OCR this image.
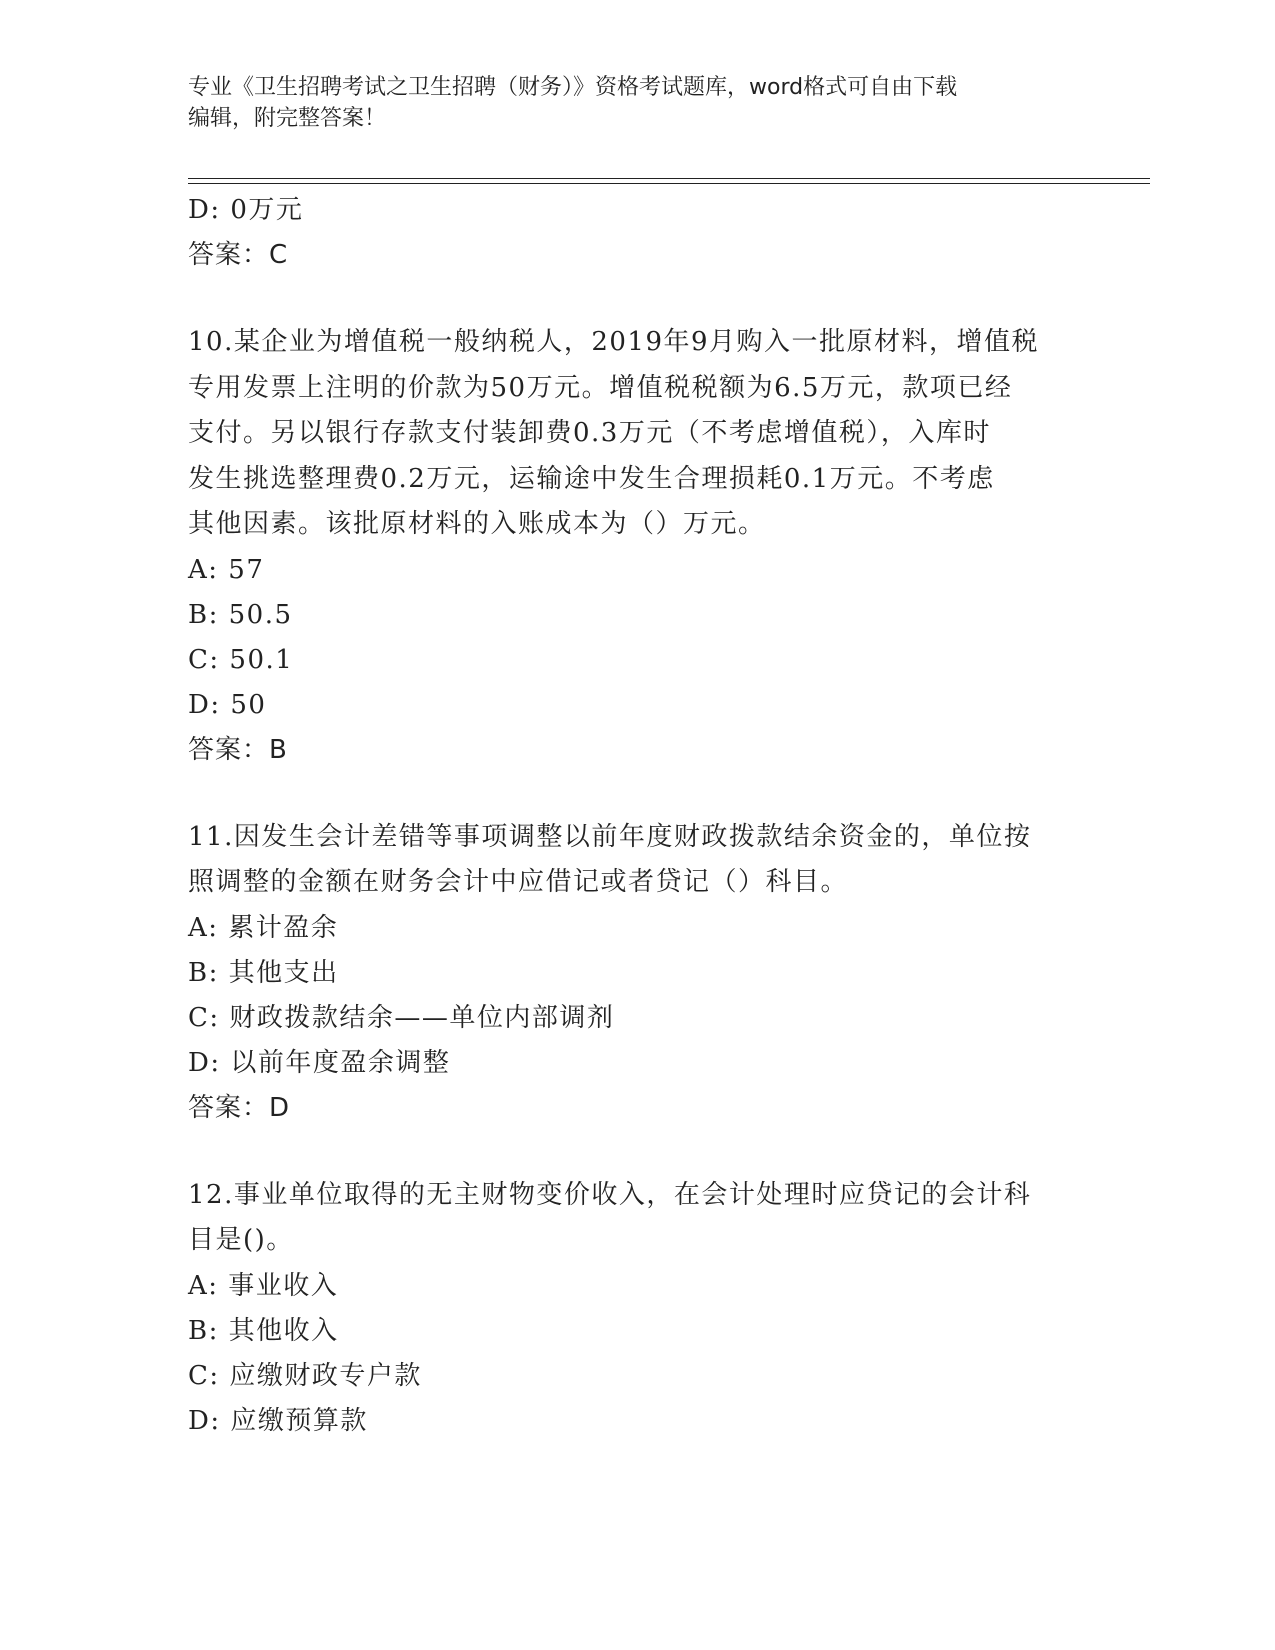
专业《卫生招聘考试之卫生招聘（财务）》资格考试题库，word格式可自由下载
编辑，附完整答案！
D: 0万元
答案：C
10.某企业为增值税一般纳税人，2019年9月购入一批原材料，增值税
专用发票上注明的价款为50万元。增值税税额为6.5万元，款项已经
支付。另以银行存款支付装卸费0.3万元（不考虑增值税），入库时
发生挑选整理费0.2万元，运输途中发生合理损耗0.1万元。不考虑
其他因素。该批原材料的入账成本为（）万元。
A: 57
B: 50.5
C: 50.1
D: 50
答案：B
11.因发生会计差错等事项调整以前年度财政拨款结余资金的，单位按
照调整的金额在财务会计中应借记或者贷记（）科目。
A: 累计盈余
B: 其他支出
C: 财政拨款结余——单位内部调剂
D: 以前年度盈余调整
答案：D
12.事业单位取得的无主财物变价收入，在会计处理时应贷记的会计科
目是()。
A: 事业收入
B: 其他收入
C: 应缴财政专户款
D: 应缴预算款
